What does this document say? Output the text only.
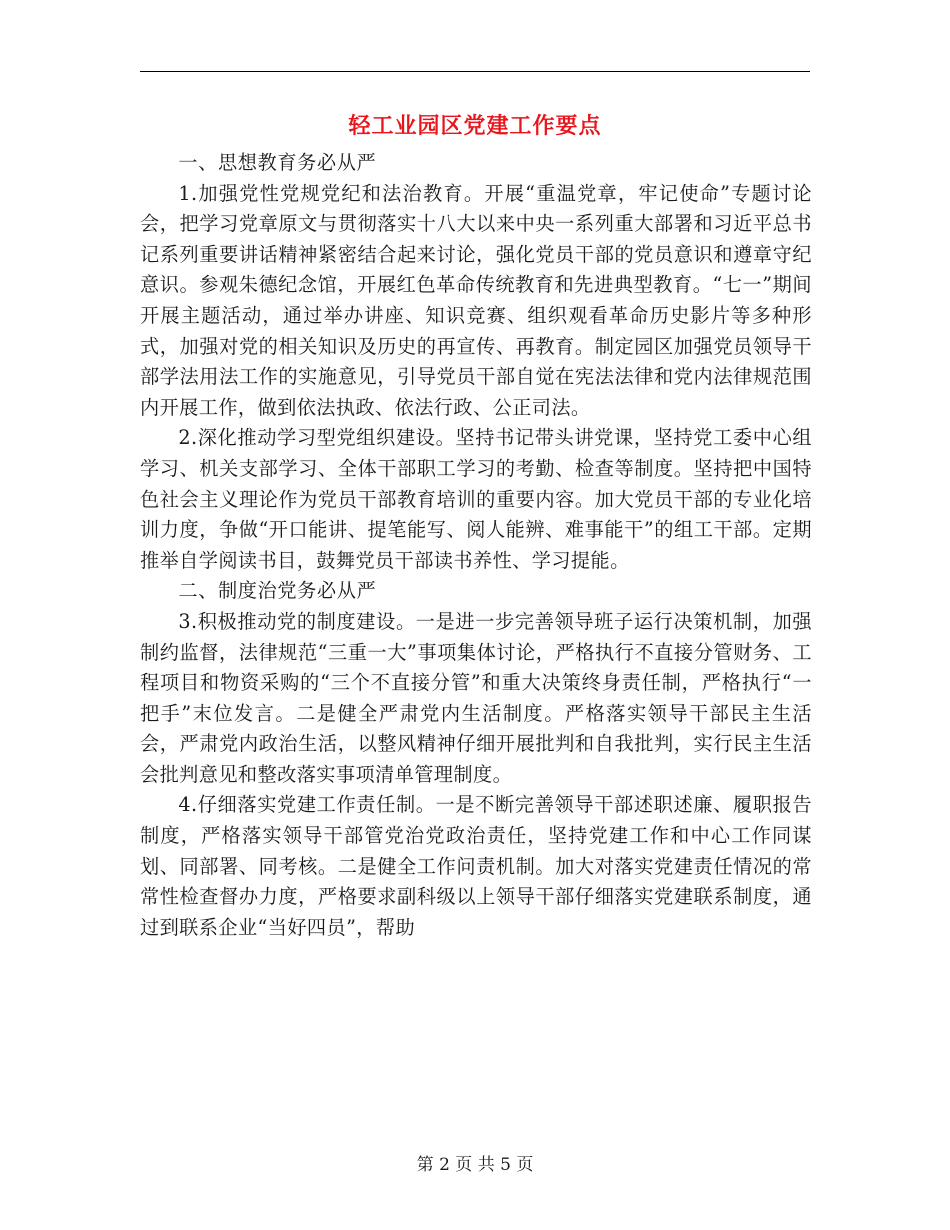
轻工业园区党建工作要点

一、思想教育务必从严

1.加强党性党规党纪和法治教育。开展“重温党章，牢记使命”专题讨论会，把学习党章原文与贯彻落实十八大以来中央一系列重大部署和习近平总书记系列重要讲话精神紧密结合起来讨论，强化党员干部的党员意识和遵章守纪意识。参观朱德纪念馆，开展红色革命传统教育和先进典型教育。“七一”期间开展主题活动，通过举办讲座、知识竞赛、组织观看革命历史影片等多种形式，加强对党的相关知识及历史的再宣传、再教育。制定园区加强党员领导干部学法用法工作的实施意见，引导党员干部自觉在宪法法律和党内法律规范围内开展工作，做到依法执政、依法行政、公正司法。

2.深化推动学习型党组织建设。坚持书记带头讲党课，坚持党工委中心组学习、机关支部学习、全体干部职工学习的考勤、检查等制度。坚持把中国特色社会主义理论作为党员干部教育培训的重要内容。加大党员干部的专业化培训力度，争做“开口能讲、提笔能写、阅人能辨、难事能干”的组工干部。定期推举自学阅读书目，鼓舞党员干部读书养性、学习提能。

二、制度治党务必从严

3.积极推动党的制度建设。一是进一步完善领导班子运行决策机制，加强制约监督，法律规范“三重一大”事项集体讨论，严格执行不直接分管财务、工程项目和物资采购的“三个不直接分管”和重大决策终身责任制，严格执行“一把手”末位发言。二是健全严肃党内生活制度。严格落实领导干部民主生活会，严肃党内政治生活，以整风精神仔细开展批判和自我批判，实行民主生活会批判意见和整改落实事项清单管理制度。

4.仔细落实党建工作责任制。一是不断完善领导干部述职述廉、履职报告制度，严格落实领导干部管党治党政治责任，坚持党建工作和中心工作同谋划、同部署、同考核。二是健全工作问责机制。加大对落实党建责任情况的常常性检查督办力度，严格要求副科级以上领导干部仔细落实党建联系制度，通过到联系企业“当好四员”，帮助

第 2 页 共 5 页
